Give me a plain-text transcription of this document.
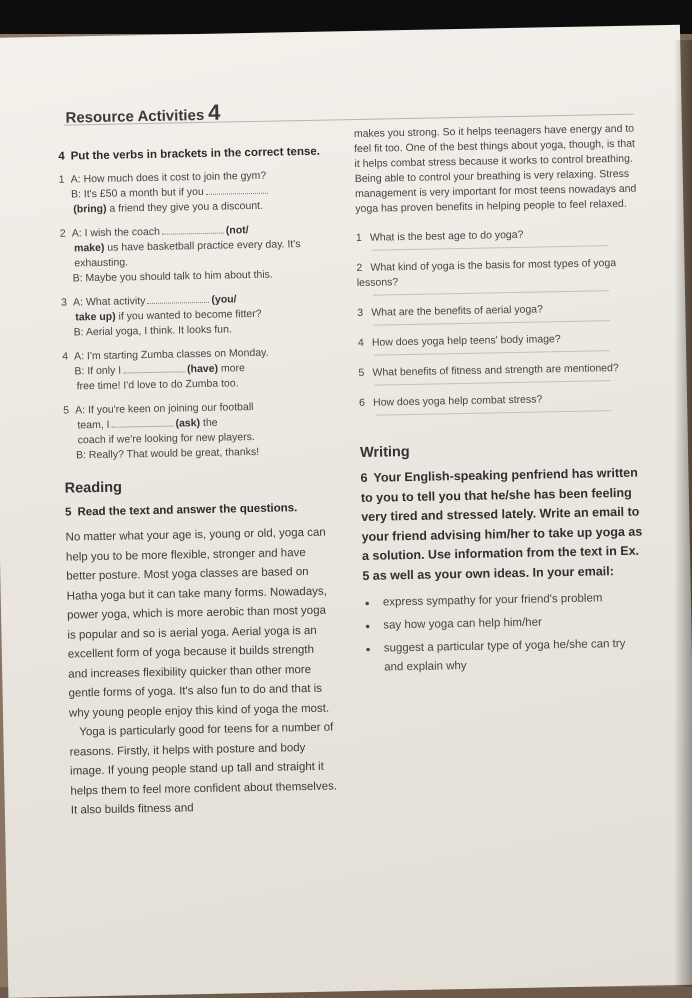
Resource Activities 4
4 Put the verbs in brackets in the correct tense.
1 A: How much does it cost to join the gym?
B: It's £50 a month but if you
(bring) a friend they give you a discount.
2 A: I wish the coach	(not/
make) us have basketball practice every day. It's exhausting.
B: Maybe you should talk to him about this.
3 A: What activity	(you/
take up) if you wanted to become fitter?
B: Aerial yoga, I think. It looks fun.
4 A: I'm starting Zumba classes on Monday.
B: If only I	(have) more
free time! I'd love to do Zumba too.
5 A: If you're keen on joining our football
team, I	(ask) the
coach if we're looking for new players.
B: Really? That would be great, thanks!
Reading
5 Read the text and answer the questions.
No matter what your age is, young or old, yoga can help you to be more flexible, stronger and have better posture. Most yoga classes are based on Hatha yoga but it can take many forms. Nowadays, power yoga, which is more aerobic than most yoga is popular and so is aerial yoga. Aerial yoga is an excellent form of yoga because it builds strength and increases flexibility quicker than other more gentle forms of yoga. It's also fun to do and that is why young people enjoy this kind of yoga the most.
Yoga is particularly good for teens for a number of reasons. Firstly, it helps with posture and body image. If young people stand up tall and straight it helps them to feel more confident about themselves. It also builds fitness and
makes you strong. So it helps teenagers have energy and to feel fit too. One of the best things about yoga, though, is that it helps combat stress because it works to control breathing. Being able to control your breathing is very relaxing. Stress management is very important for most teens nowadays and yoga has proven benefits in helping people to feel relaxed.
1 What is the best age to do yoga?
2 What kind of yoga is the basis for most types of yoga lessons?
3 What are the benefits of aerial yoga?
4 How does yoga help teens' body image?
5 What benefits of fitness and strength are mentioned?
6 How does yoga help combat stress?
Writing
6 Your English-speaking penfriend has written to you to tell you that he/she has been feeling very tired and stressed lately. Write an email to your friend advising him/her to take up yoga as a solution. Use information from the text in Ex. 5 as well as your own ideas. In your email:
• express sympathy for your friend's problem
• say how yoga can help him/her
• suggest a particular type of yoga he/she can try and explain why
